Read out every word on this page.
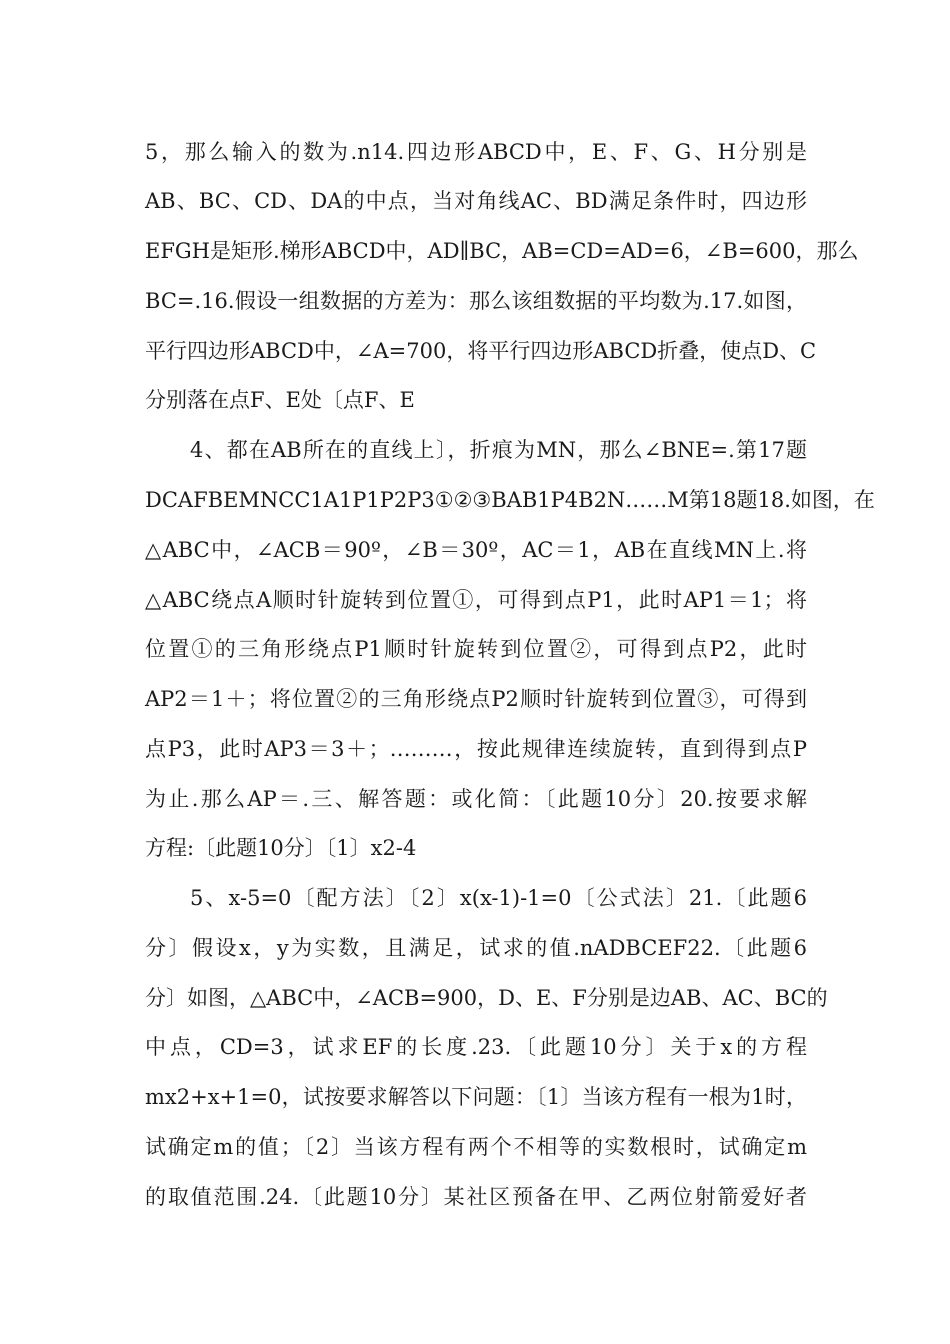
5，那么输入的数为.n14.四边形ABCD中，E、F、G、H分别是
AB、BC、CD、DA的中点，当对角线AC、BD满足条件时，四边形
EFGH是矩形.梯形ABCD中，AD∥BC，AB=CD=AD=6，∠B=600，那么
BC=.16.假设一组数据的方差为：那么该组数据的平均数为.17.如图，
平行四边形ABCD中，∠A=700，将平行四边形ABCD折叠，使点D、C
分别落在点F、E处〔点F、E
4、都在AB所在的直线上〕，折痕为MN，那么∠BNE=.第17题
DCAFBEMNCC1A1P1P2P3①②③BAB1P4B2N……M第18题18.如图，在
△ABC中，∠ACB＝90º，∠B＝30º，AC＝1，AB在直线MN上.将
△ABC绕点A顺时针旋转到位置①，可得到点P1，此时AP1＝1；将
位置①的三角形绕点P1顺时针旋转到位置②，可得到点P2，此时
AP2＝1＋；将位置②的三角形绕点P2顺时针旋转到位置③，可得到
点P3，此时AP3＝3＋；………，按此规律连续旋转，直到得到点P
为止.那么AP＝.三、解答题：或化简：〔此题10分〕20.按要求解
方程:〔此题10分〕〔1〕x2-4
5、x-5=0〔配方法〕〔2〕x(x-1)-1=0〔公式法〕21.〔此题6
分〕假设x，y为实数，且满足，试求的值.nADBCEF22.〔此题6
分〕如图，△ABC中，∠ACB=900，D、E、F分别是边AB、AC、BC的
中点，CD=3，试求EF的长度.23.〔此题10分〕关于x的方程
mx2+x+1=0，试按要求解答以下问题：〔1〕当该方程有一根为1时，
试确定m的值；〔2〕当该方程有两个不相等的实数根时，试确定m
的取值范围.24.〔此题10分〕某社区预备在甲、乙两位射箭爱好者
